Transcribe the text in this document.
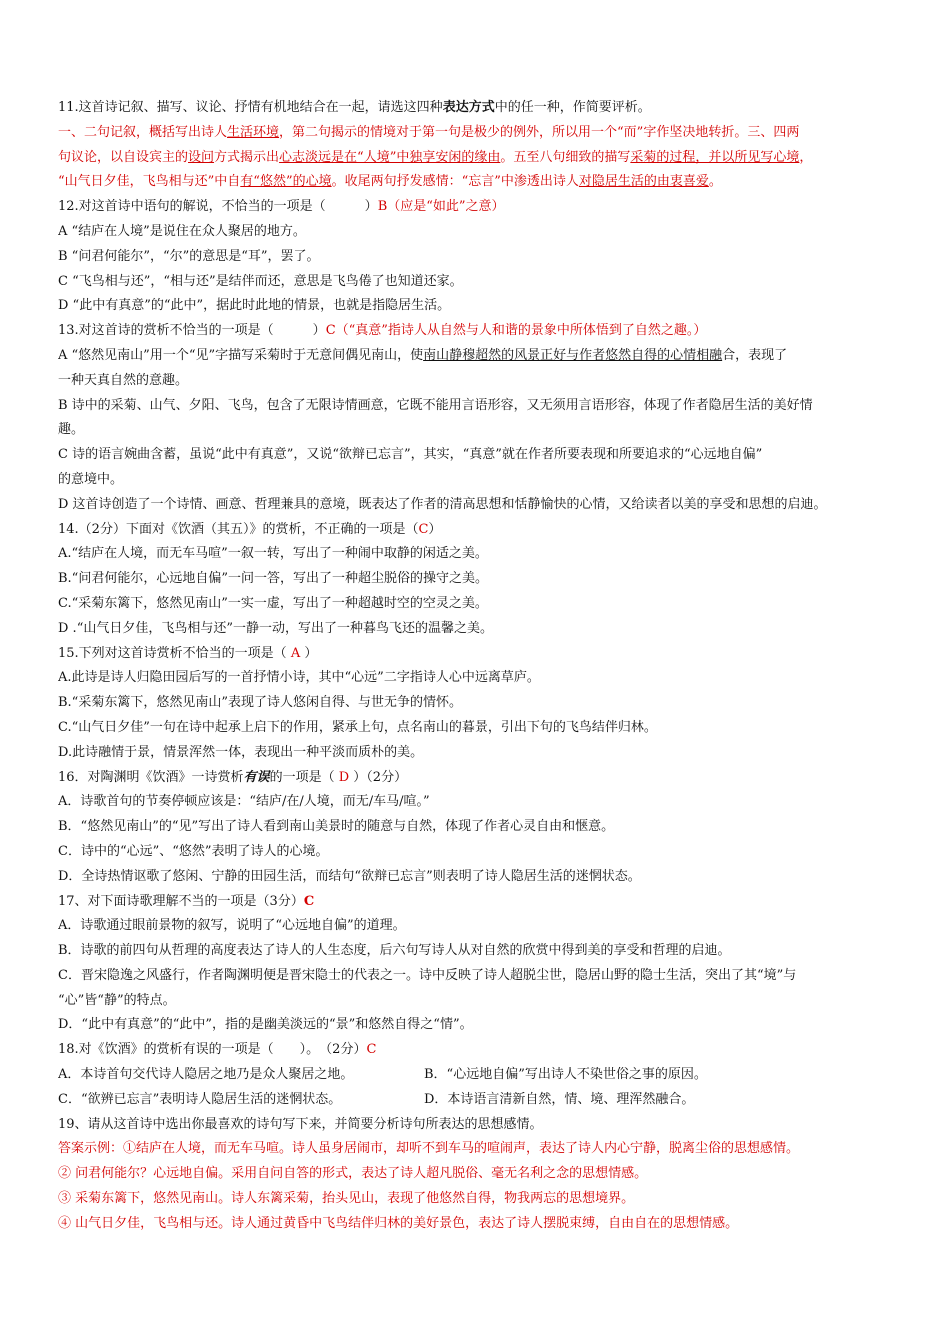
11.这首诗记叙、描写、议论、抒情有机地结合在一起，请选这四种表达方式中的任一种，作简要评析。
一、二句记叙，概括写出诗人生活环境，第二句揭示的情境对于第一句是极少的例外，所以用一个“而”字作坚决地转折。三、四两
句议论，以自设宾主的设问方式揭示出心志淡远是在“人境”中独享安闲的缘由。五至八句细致的描写采菊的过程，并以所见写心境，
“山气日夕佳，飞鸟相与还”中自有“悠然”的心境。收尾两句抒发感情：“忘言”中渗透出诗人对隐居生活的由衷喜爱。
12.对这首诗中语句的解说，不恰当的一项是（　　　）B（应是“如此”之意）
A “结庐在人境”是说住在众人聚居的地方。
B “问君何能尔”，“尔”的意思是“耳”，罢了。
C “飞鸟相与还”，“相与还”是结伴而还，意思是飞鸟倦了也知道还家。
D “此中有真意”的“此中”，据此时此地的情景，也就是指隐居生活。
13.对这首诗的赏析不恰当的一项是（　　　）C（“真意”指诗人从自然与人和谐的景象中所体悟到了自然之趣。）
A “悠然见南山”用一个“见”字描写采菊时于无意间偶见南山，使南山静穆超然的风景正好与作者悠然自得的心情相融合，表现了
一种天真自然的意趣。
B 诗中的采菊、山气、夕阳、飞鸟，包含了无限诗情画意，它既不能用言语形容，又无须用言语形容，体现了作者隐居生活的美好情
趣。
C 诗的语言婉曲含蓄，虽说“此中有真意”，又说“欲辩已忘言”，其实，“真意”就在作者所要表现和所要追求的“心远地自偏”
的意境中。
D 这首诗创造了一个诗情、画意、哲理兼具的意境，既表达了作者的清高思想和恬静愉快的心情，又给读者以美的享受和思想的启迪。
14.（2分）下面对《饮酒（其五）》的赏析，不正确的一项是（C）
A.“结庐在人境，而无车马喧”一叙一转，写出了一种闹中取静的闲适之美。
B.“问君何能尔，心远地自偏”一问一答，写出了一种超尘脱俗的操守之美。
C.“采菊东篱下，悠然见南山”一实一虚，写出了一种超越时空的空灵之美。
D .“山气日夕佳，飞鸟相与还”一静一动，写出了一种暮鸟飞还的温馨之美。
15.下列对这首诗赏析不恰当的一项是（ A ）
A.此诗是诗人归隐田园后写的一首抒情小诗，其中“心远”二字指诗人心中远离草庐。
B.“采菊东篱下，悠然见南山”表现了诗人悠闲自得、与世无争的情怀。
C.“山气日夕佳”一句在诗中起承上启下的作用，紧承上句，点名南山的暮景，引出下句的飞鸟结伴归林。
D.此诗融情于景，情景浑然一体，表现出一种平淡而质朴的美。
16．对陶渊明《饮酒》一诗赏析有误的一项是（ D ）（2分）
A．诗歌首句的节奏停顿应该是：“结庐/在/人境，而无/车马/喧。”
B．“悠然见南山”的“见”写出了诗人看到南山美景时的随意与自然，体现了作者心灵自由和惬意。
C．诗中的“心远”、“悠然”表明了诗人的心境。
D．全诗热情讴歌了悠闲、宁静的田园生活，而结句“欲辩已忘言”则表明了诗人隐居生活的迷惘状态。
17、对下面诗歌理解不当的一项是（3分）C
A．诗歌通过眼前景物的叙写，说明了“心远地自偏”的道理。
B．诗歌的前四句从哲理的高度表达了诗人的人生态度，后六句写诗人从对自然的欣赏中得到美的享受和哲理的启迪。
C．晋宋隐逸之风盛行，作者陶渊明便是晋宋隐士的代表之一。诗中反映了诗人超脱尘世，隐居山野的隐士生活，突出了其“境”与
“心”皆“静”的特点。
D．“此中有真意”的“此中”，指的是幽美淡远的“景”和悠然自得之“情”。
18.对《饮酒》的赏析有误的一项是（　　）。　（2分）C
A．本诗首句交代诗人隐居之地乃是众人聚居之地。	B．“心远地自偏”写出诗人不染世俗之事的原因。
C．“欲辨已忘言”表明诗人隐居生活的迷惘状态。	D．本诗语言清新自然，情、境、理浑然融合。
19、请从这首诗中选出你最喜欢的诗句写下来，并简要分析诗句所表达的思想感情。
答案示例：①结庐在人境，而无车马喧。诗人虽身居闹市，却听不到车马的喧闹声，表达了诗人内心宁静，脱离尘俗的思想感情。
② 问君何能尔？心远地自偏。采用自问自答的形式，表达了诗人超凡脱俗、毫无名利之念的思想情感。
③ 采菊东篱下，悠然见南山。诗人东篱采菊，抬头见山，表现了他悠然自得，物我两忘的思想境界。
④ 山气日夕佳，飞鸟相与还。诗人通过黄昏中飞鸟结伴归林的美好景色，表达了诗人摆脱束缚，自由自在的思想情感。
